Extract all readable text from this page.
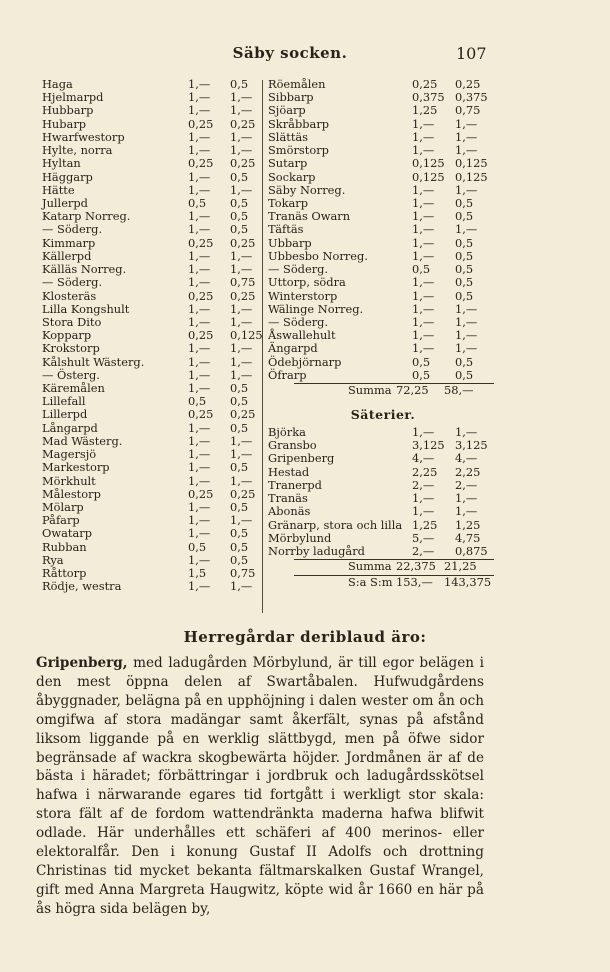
Säby socken.	107
Haga	1,—	0,5
Hjelmarpd	1,—	1,—
Hubbarp	1,—	1,—
Hubarp	0,25	0,25
Hwarfwestorp	1,—	1,—
Hylte, norra	1,—	1,—
Hyltan	0,25	0,25
Häggarp	1,—	0,5
Hätte	1,—	1,—
Jullerpd	0,5	0,5
Katarp Norreg.	1,—	0,5
— Söderg.	1,—	0,5
Kimmarp	0,25	0,25
Källerpd	1,—	1,—
Källäs Norreg.	1,—	1,—
— Söderg.	1,—	0,75
Klosteräs	0,25	0,25
Lilla Kongshult	1,—	1,—
Stora Dito	1,—	1,—
Kopparp	0,25	0,125
Krokstorp	1,—	1,—
Kålshult Wästerg.	1,—	1,—
— Österg.	1,—	1,—
Käremålen	1,—	0,5
Lillefall	0,5	0,5
Lillerpd	0,25	0,25
Långarpd	1,—	0,5
Mad Wästerg.	1,—	1,—
Magersjö	1,—	1,—
Markestorp	1,—	0,5
Mörkhult	1,—	1,—
Målestorp	0,25	0,25
Mölarp	1,—	0,5
Påfarp	1,—	1,—
Owatarp	1,—	0,5
Rubban	0,5	0,5
Rya	1,—	0,5
Råttorp	1,5	0,75
Rödje, westra	1,—	1,—
Röemålen	0,25	0,25
Sibbarp	0,375 0,375
Sjöarp	1,25	0,75
Skråbbarp	1,—	1,—
Slättäs	1,—	1,—
Smörstorp	1,—	1,—
Sutarp	0,125 0,125
Sockarp	0,125 0,125
Säby Norreg.	1,—	1,—
Tokarp	1,—	0,5
Tranäs Owarn	1,—	0,5
Täftäs	1,—	1,—
Ubbarp	1,—	0,5
Ubbesbo Norreg.	1,—	0,5
— Söderg.	0,5	0,5
Uttorp, södra	1,—	0,5
Winterstorp	1,—	0,5
Wälinge Norreg.	1,—	1,—
— Söderg.	1,—	1,—
Åswallehult	1,—	1,—
Ängarpd	1,—	1,—
Ödebjörnarp	0,5	0,5
Öfrarp	0,5	0,5
Summa 72,25 58,—
Säterier.
Björka	1,—	1,—
Gransbo	3,125 3,125
Gripenberg	4,—	4,—
Hestad	2,25	2,25
Tranerpd	2,—	2,—
Tranäs	1,—	1,—
Abonäs	1,—	1,—
Gränarp, stora och lilla 1,25	1,25
Mörbylund	5,—	4,75
Norrby ladugård	2,—	0,875
Summa 22,375 21,25
S:a S:m 153,— 143,375
Herregårdar deriblaud äro:
Gripenberg, med ladugården Mörbylund, är till egor belägen i den mest öppna delen af Swartåbalen. Hufwudgårdens åbyggnader, belägna på en upphöjning i dalen wester om ån och omgifwa af stora madängar samt åkerfält, synas på afstånd liksom liggande på en werklig slättbygd, men på öfwe sidor begränsade af wackra skogbewärta höjder. Jordmånen är af de bästa i häradet; förbättringar i jordbruk och ladugårdsskötsel hafwa i närwarande egares tid fortgått i werkligt stor skala: stora fält af de fordom wattendränkta maderna hafwa blifwit odlade. Här underhålles ett schäferi af 400 merinos- eller elektoralfår. Den i konung Gustaf II Adolfs och drottning Christinas tid mycket bekanta fältmarskalken Gustaf Wrangel, gift med Anna Margreta Haugwitz, köpte wid år 1660 en här på ås högra sida belägen by,
